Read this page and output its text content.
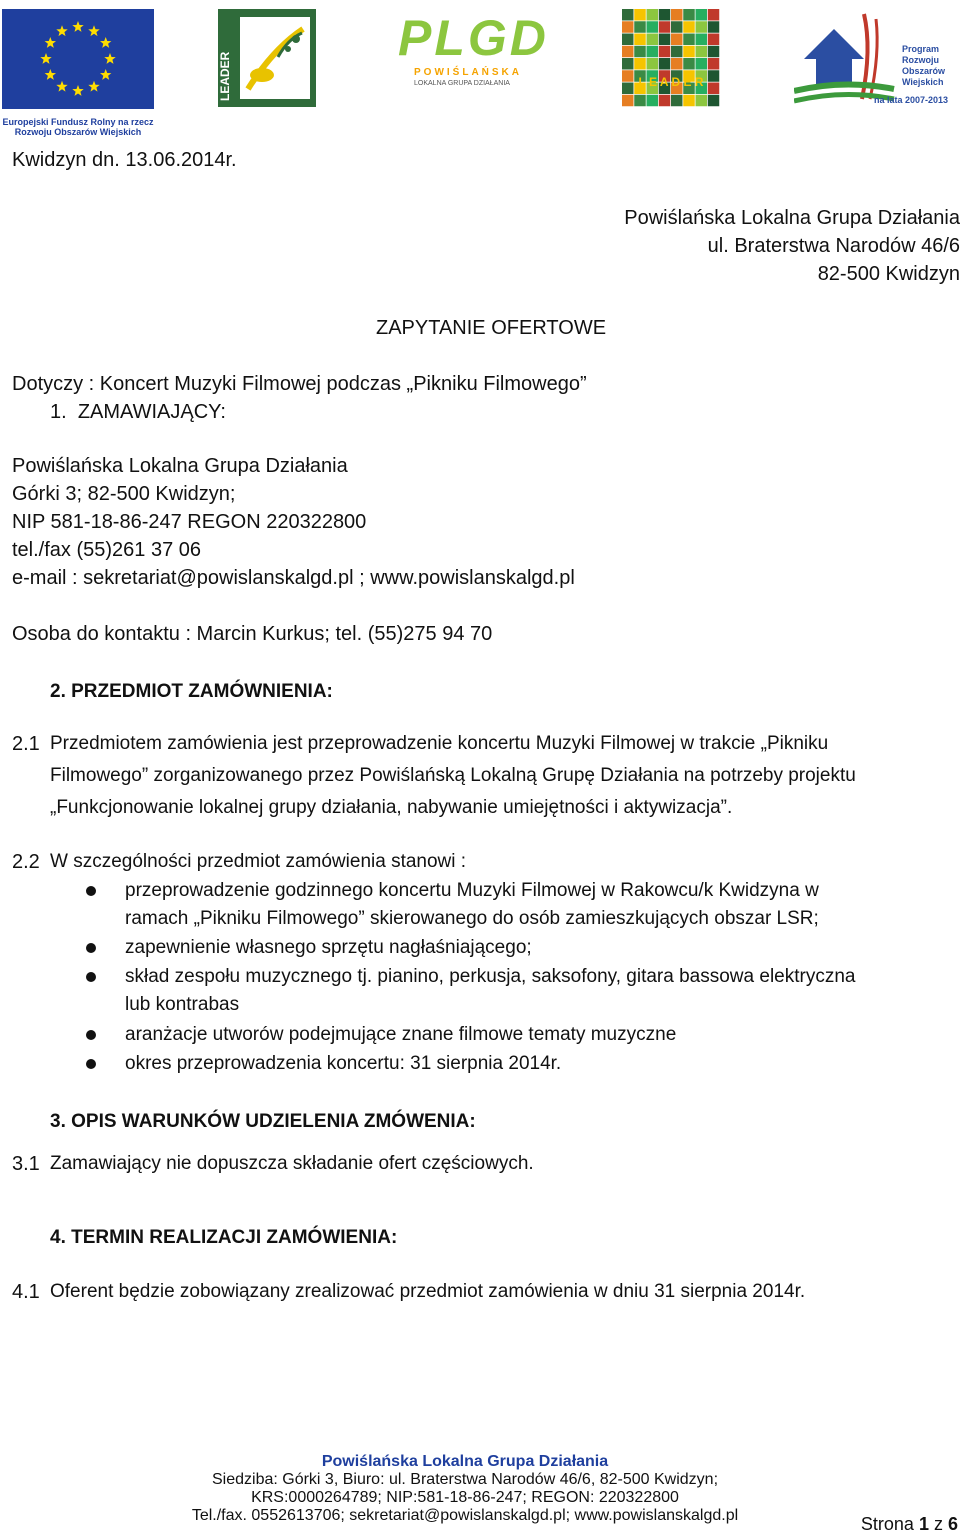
Europejski Fundusz Rolny na rzecz
Rozwoju Obszarów Wiejskich
LEADER
PLGD
POWIŚLAŃSKA
LOKALNA GRUPA DZIAŁANIA	L E A D E R
Program
Rozwoju
Obszarów
Wiejskich
na lata 2007-2013
Kwidzyn dn. 13.06.2014r.
Powiślańska Lokalna Grupa Działania
ul. Braterstwa Narodów 46/6
82-500 Kwidzyn
ZAPYTANIE OFERTOWE
Dotyczy : Koncert Muzyki Filmowej podczas „Pikniku Filmowego”
1. ZAMAWIAJĄCY:
Powiślańska Lokalna Grupa Działania
Górki 3; 82-500 Kwidzyn;
NIP 581-18-86-247 REGON 220322800
tel./fax (55)261 37 06
e-mail : sekretariat@powislanskalgd.pl ; www.powislanskalgd.pl
Osoba do kontaktu : Marcin Kurkus; tel. (55)275 94 70
2. PRZEDMIOT ZAMÓWNIENIA:
2.1 Przedmiotem zamówienia jest przeprowadzenie koncertu Muzyki Filmowej w trakcie „Pikniku
Filmowego” zorganizowanego przez Powiślańską Lokalną Grupę Działania na potrzeby projektu
„Funkcjonowanie lokalnej grupy działania, nabywanie umiejętności i aktywizacja”.
2.2 W szczególności przedmiot zamówienia stanowi :
przeprowadzenie godzinnego koncertu Muzyki Filmowej w Rakowcu/k Kwidzyna w
ramach „Pikniku Filmowego” skierowanego do osób zamieszkujących obszar LSR;
zapewnienie własnego sprzętu nagłaśniającego;
skład zespołu muzycznego tj. pianino, perkusja, saksofony, gitara bassowa elektryczna
lub kontrabas
aranżacje utworów podejmujące znane filmowe tematy muzyczne
okres przeprowadzenia koncertu: 31 sierpnia 2014r.
3. OPIS WARUNKÓW UDZIELENIA ZMÓWENIA:
3.1 Zamawiający nie dopuszcza składanie ofert częściowych.
4. TERMIN REALIZACJI ZAMÓWIENIA:
4.1 Oferent będzie zobowiązany zrealizować przedmiot zamówienia w dniu 31 sierpnia 2014r.
Powiślańska Lokalna Grupa Działania
Siedziba: Górki 3, Biuro: ul. Braterstwa Narodów 46/6, 82-500 Kwidzyn;
KRS:0000264789; NIP:581-18-86-247; REGON: 220322800
Tel./fax. 0552613706; sekretariat@powislanskalgd.pl; www.powislanskalgd.pl	Strona 1 z 6
